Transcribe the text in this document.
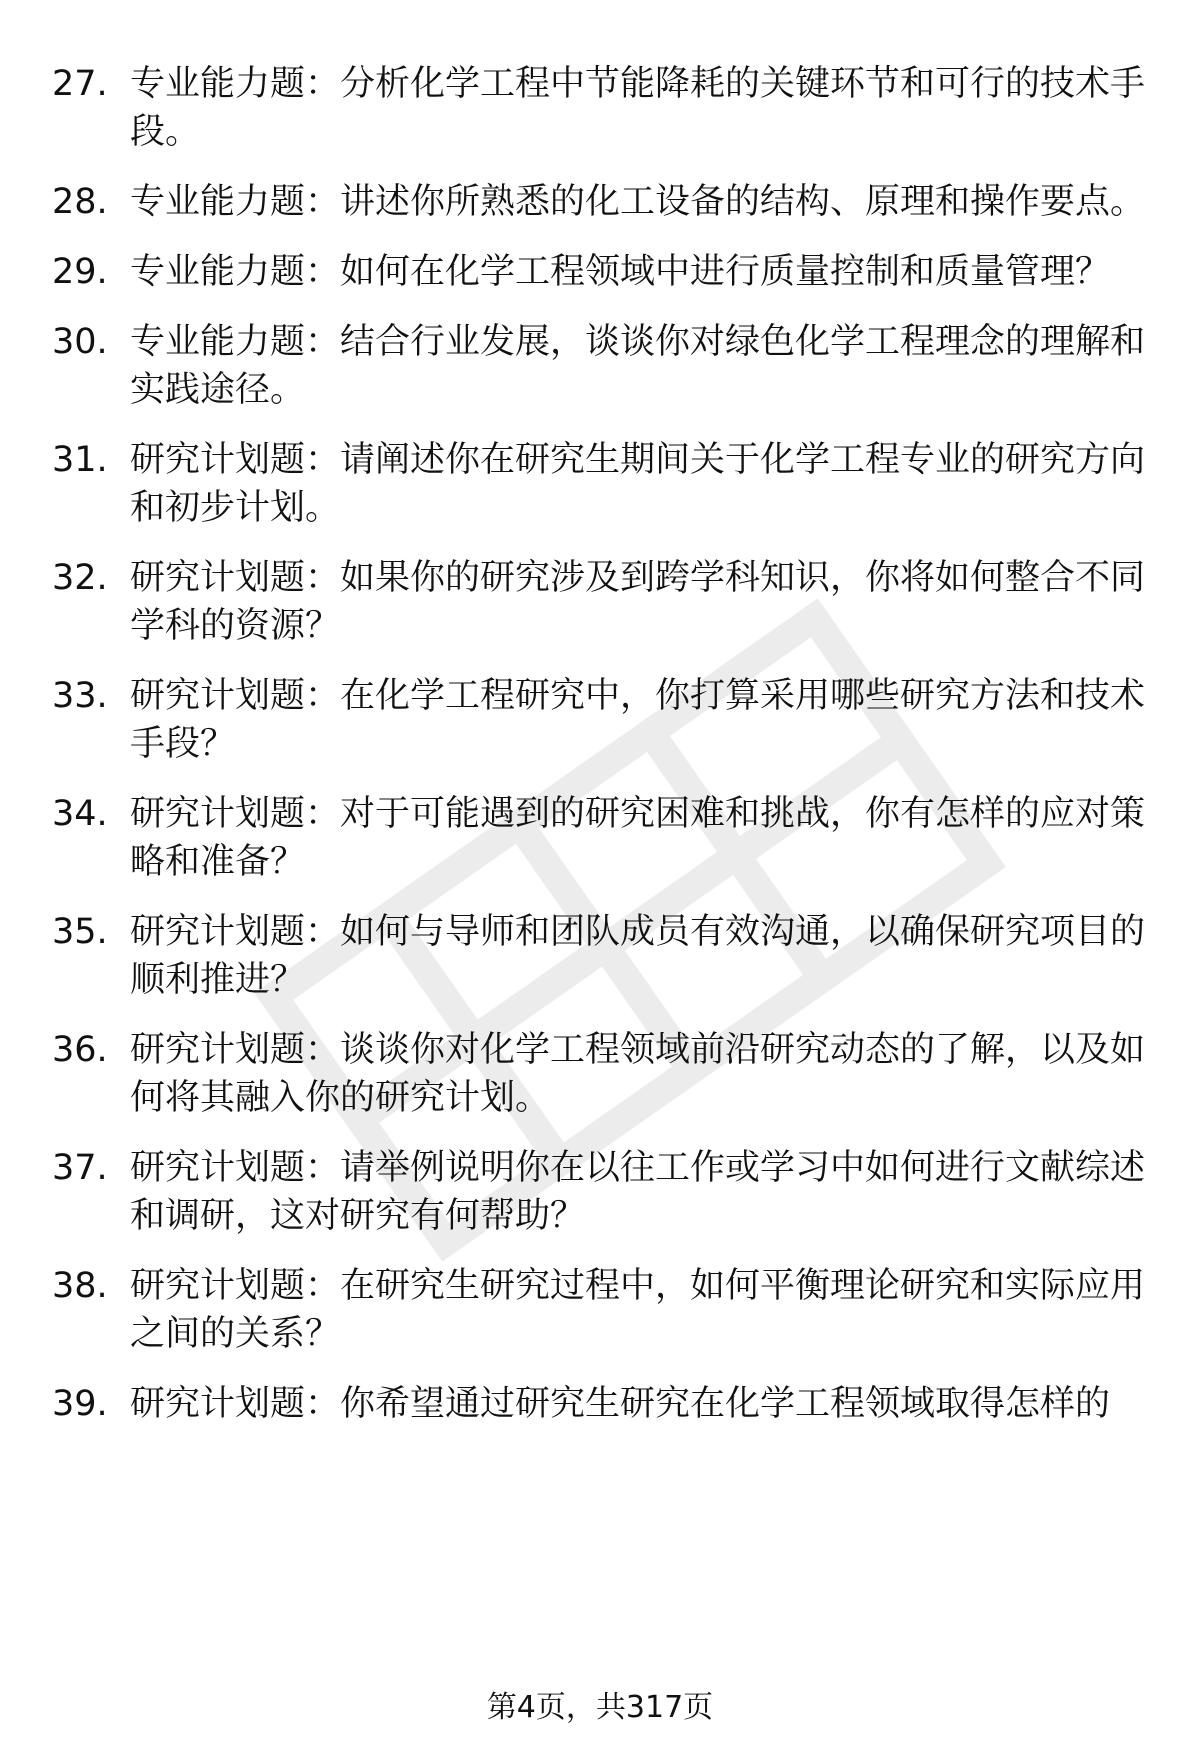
27. 专业能力题：分析化学工程中节能降耗的关键环节和可行的技术手段。
28. 专业能力题：讲述你所熟悉的化工设备的结构、原理和操作要点。
29. 专业能力题：如何在化学工程领域中进行质量控制和质量管理？
30. 专业能力题：结合行业发展，谈谈你对绿色化学工程理念的理解和实践途径。
31. 研究计划题：请阐述你在研究生期间关于化学工程专业的研究方向和初步计划。
32. 研究计划题：如果你的研究涉及到跨学科知识，你将如何整合不同学科的资源？
33. 研究计划题：在化学工程研究中，你打算采用哪些研究方法和技术手段？
34. 研究计划题：对于可能遇到的研究困难和挑战，你有怎样的应对策略和准备？
35. 研究计划题：如何与导师和团队成员有效沟通，以确保研究项目的顺利推进？
36. 研究计划题：谈谈你对化学工程领域前沿研究动态的了解，以及如何将其融入你的研究计划。
37. 研究计划题：请举例说明你在以往工作或学习中如何进行文献综述和调研，这对研究有何帮助？
38. 研究计划题：在研究生研究过程中，如何平衡理论研究和实际应用之间的关系？
39. 研究计划题：你希望通过研究生研究在化学工程领域取得怎样的
第4页，共317页
